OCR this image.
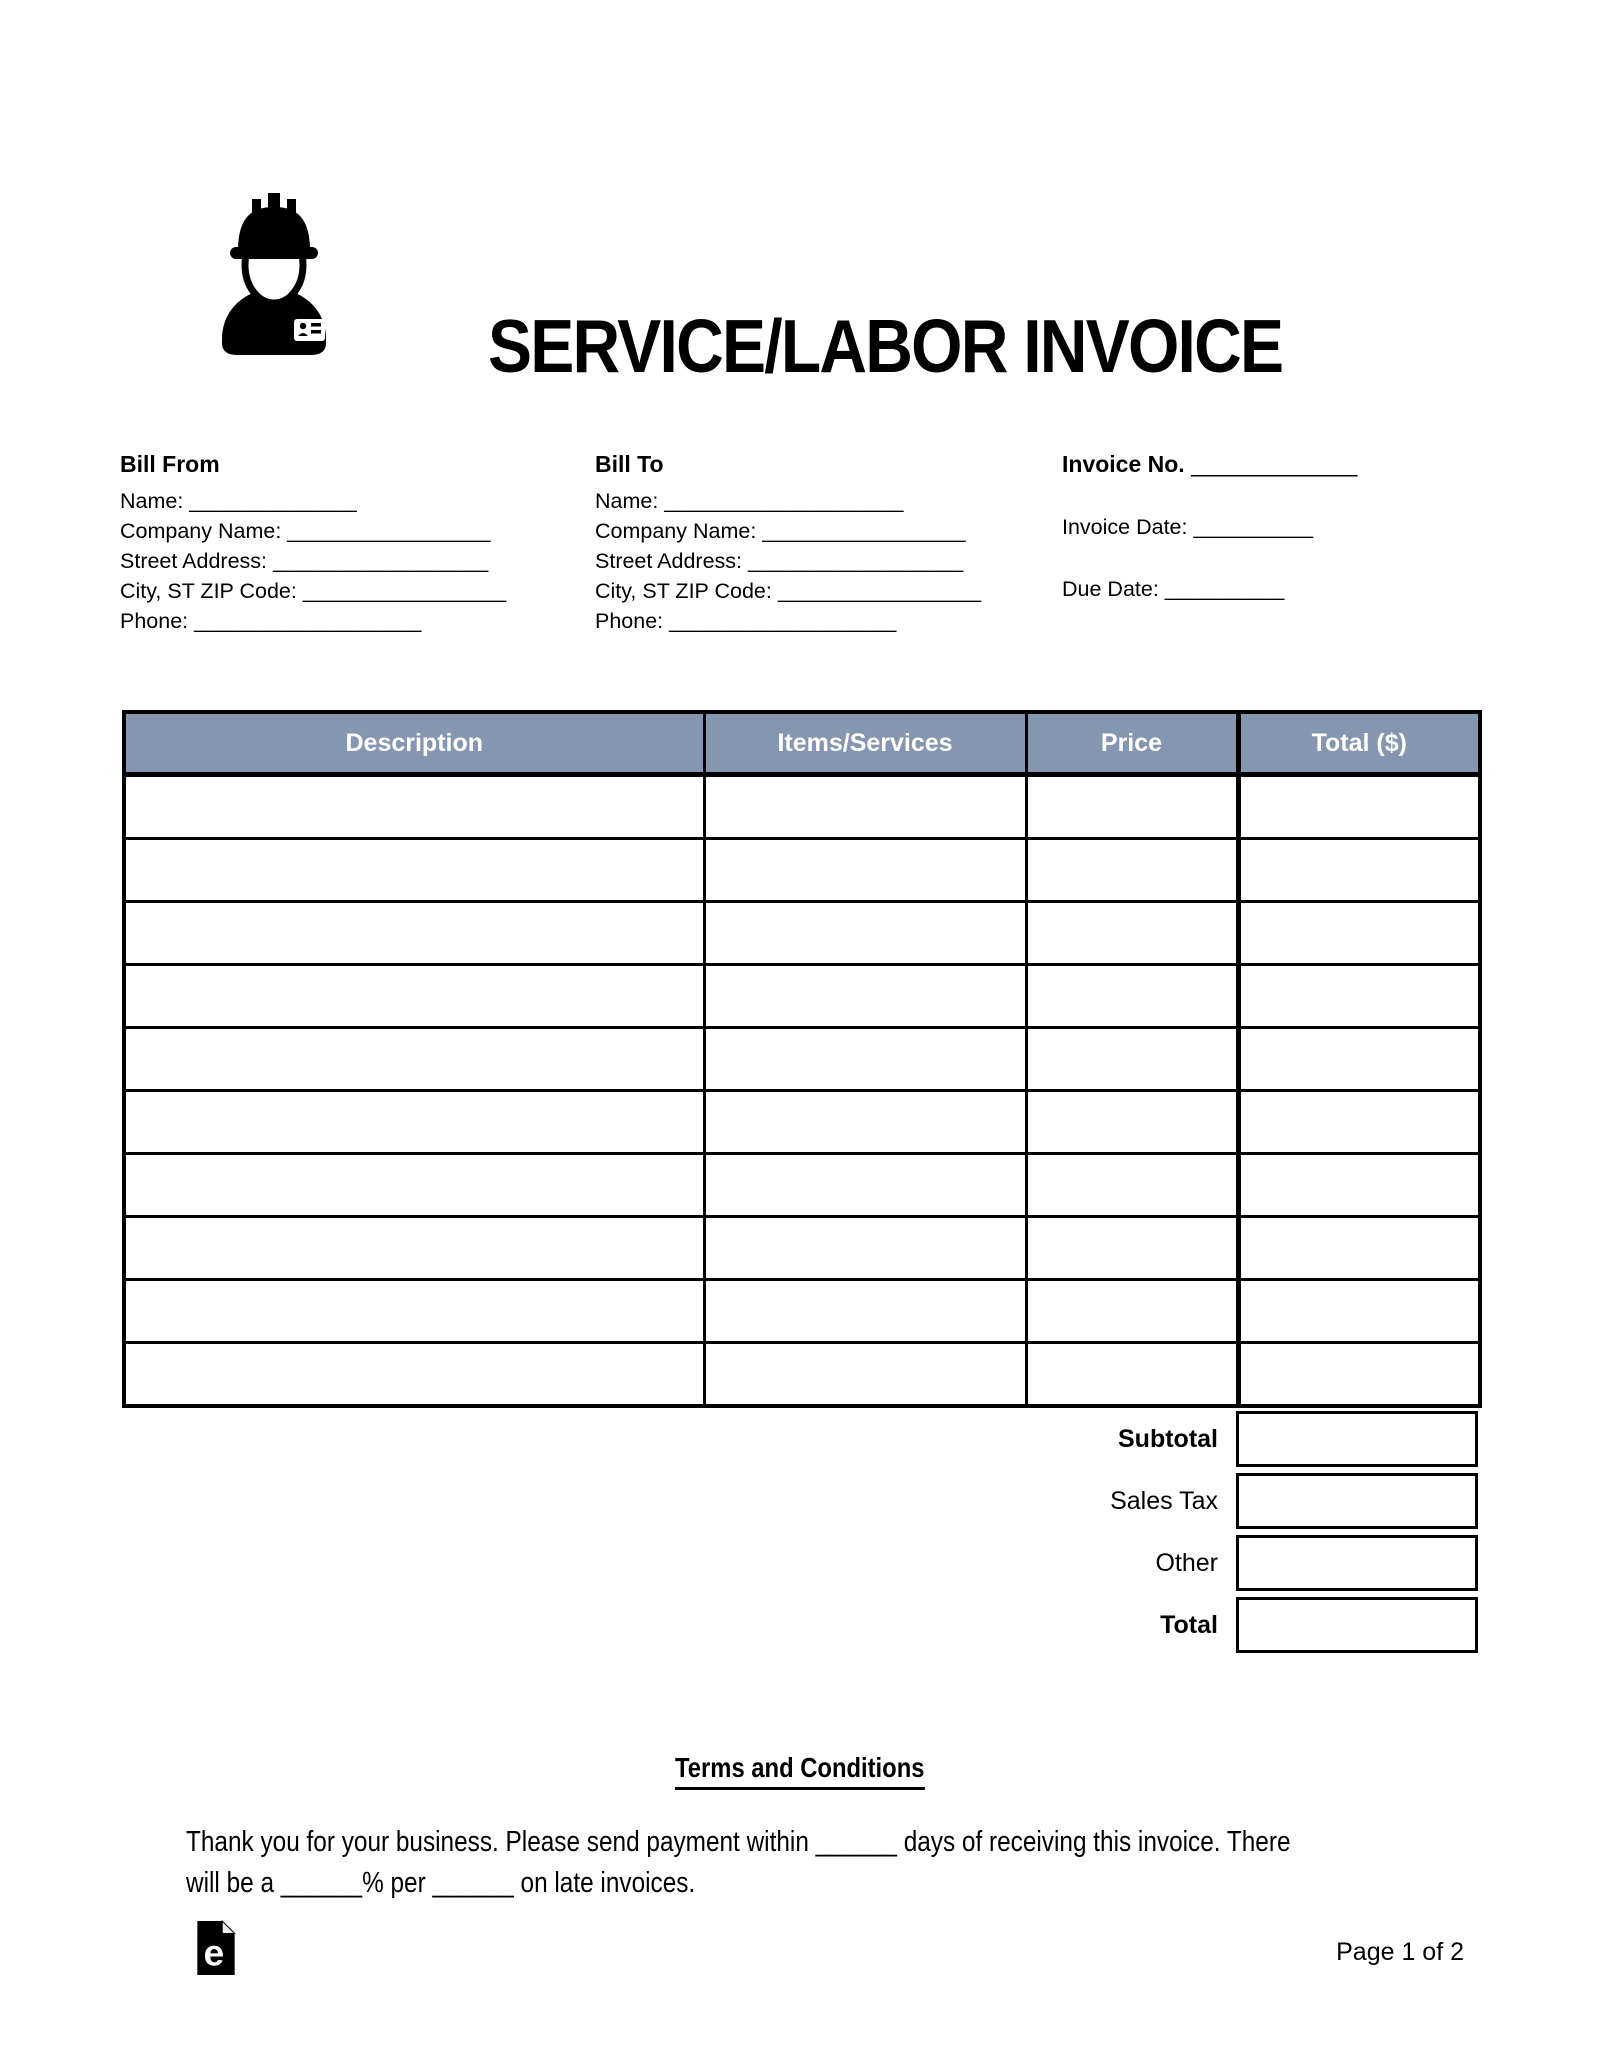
SERVICE/LABOR INVOICE
Bill From
Name: ______________
Company Name: _________________
Street Address: __________________
City, ST ZIP Code: _________________
Phone: ___________________
Bill To
Name: ____________________
Company Name: _________________
Street Address: __________________
City, ST ZIP Code: _________________
Phone: ___________________
Invoice No. _____________
Invoice Date: __________
Due Date: __________
Description	Items/Services	Price	Total ($)

Subtotal
Sales Tax
Other
Total
Terms and Conditions
Thank you for your business. Please send payment within ______ days of receiving this invoice. There
will be a ______% per ______ on late invoices.
e	Page 1 of 2
